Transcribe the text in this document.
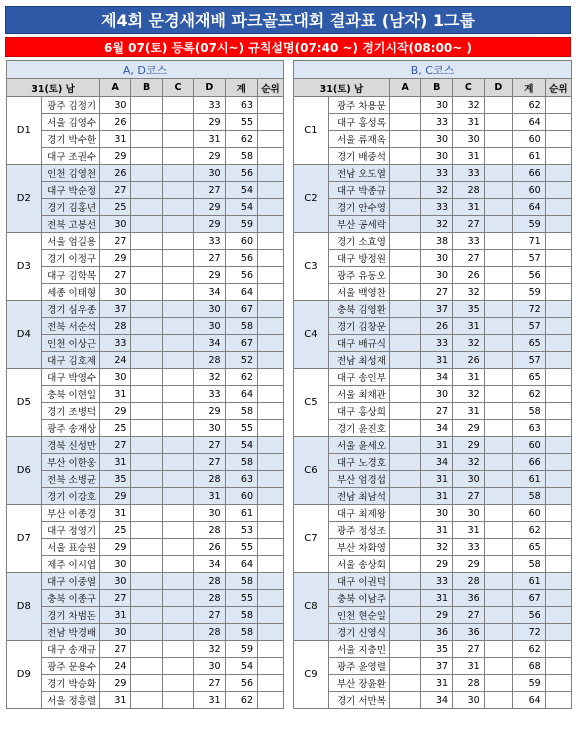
제4회 문경새재배 파크골프대회 결과표 (남자) 1그룹
6월 07(토) 등록(07시~) 규칙설명(07:40 ~) 경기시작(08:00~ )
A, D코스							
31(토) 남		A	B	C	D	계	순위
D1	광주 김정기	30			33	63	
	서울 김영수	26			29	55	
	경기 박수한	31			31	62	
	대구 조권수	29			29	58	
D2	인천 김영천	26			30	56	
	대구 박순정	27			27	54	
	경기 김홍년	25			29	54	
	전북 고봉선	30			29	59	
D3	서울 엄길용	27			33	60	
	경기 이정구	29			27	56	
	대구 김학목	27			29	56	
	세종 이태형	30			34	64	
D4	경기 심우종	37			30	67	
	전북 서순석	28			30	58	
	인천 이상근	33			34	67	
	대구 김호제	24			28	52	
D5	대구 박영수	30			32	62	
	충북 이현일	31			33	64	
	경기 조병덕	29			29	58	
	광주 송재상	25			30	55	
D6	경북 신성만	27			27	54	
	부산 이한웅	31			27	58	
	전북 소병균	35			28	63	
	경기 이강호	29			31	60	
D7	부산 이종경	31			30	61	
	대구 정영기	25			28	53	
	서울 표승원	29			26	55	
	제주 이시엽	30			34	64	
D8	대구 이중열	30			28	58	
	충북 이종구	27			28	55	
	경기 차범돈	31			27	58	
	전남 박경배	30			28	58	
D9	대구 송재규	27			32	59	
	광주 문용수	24			30	54	
	경기 박승화	29			27	56	
	서울 정흥렬	31			31	62	
B, C코스							
31(토) 남		A	B	C	D	계	순위
C1	광주 차용문		30	32		62	
	대구 홍성록		33	31		64	
	서울 류재옥		30	30		60	
	경기 배중석		30	31		61	
C2	전남 오도열		33	33		66	
	대구 박종규		32	28		60	
	경기 안수영		33	31		64	
	부산 공세락		32	27		59	
C3	경기 소효영		38	33		71	
	대구 방정원		30	27		57	
	광주 유동오		30	26		56	
	서울 백영찬		27	32		59	
C4	충북 김영환		37	35		72	
	경기 김창문		26	31		57	
	대구 배규식		33	32		65	
	전남 최성재		31	26		57	
C5	대구 송인부		34	31		65	
	서울 최채관		30	32		62	
	대구 홍상희		27	31		58	
	경기 윤진호		34	29		63	
C6	서울 윤세오		31	29		60	
	대구 노경호		34	32		66	
	부산 엄경섭		31	30		61	
	전남 최남석		31	27		58	
C7	대구 최제왕		30	30		60	
	광주 정성조		31	31		62	
	부산 차화영		32	33		65	
	서울 송상회		29	29		58	
C8	대구 이권덕		33	28		61	
	충북 이남주		31	36		67	
	인천 현순일		29	27		56	
	경기 신영식		36	36		72	
C9	서울 지충민		35	27		62	
	광주 윤영렬		37	31		68	
	부산 장윤환		31	28		59	
	경기 서만복		34	30		64	
